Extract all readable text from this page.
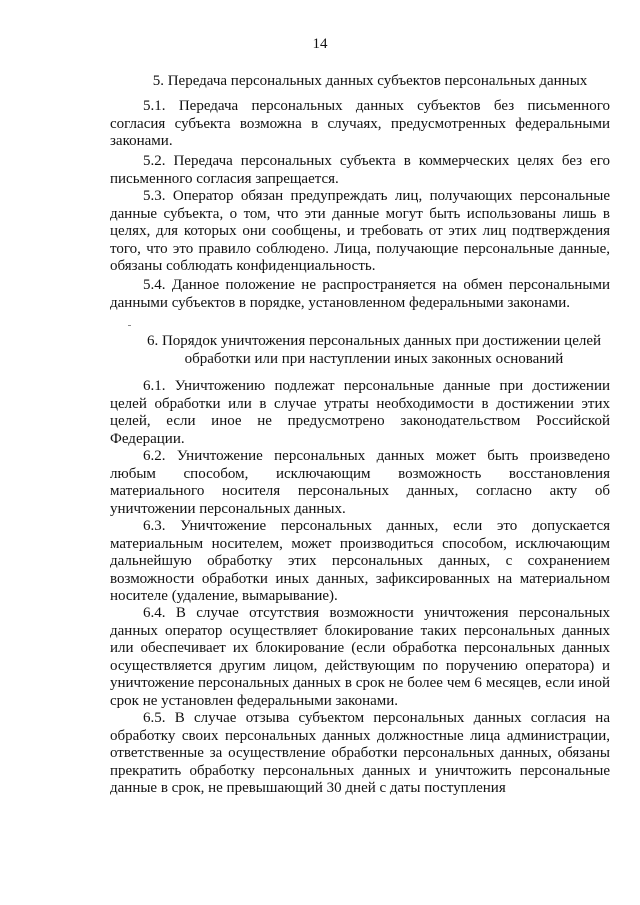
14
5. Передача персональных данных субъектов персональных данных

5.1. Передача персональных данных субъектов без письменного согласия субъекта возможна в случаях, предусмотренных федеральными законами.

5.2. Передача персональных субъекта в коммерческих целях без его письменного согласия запрещается.

5.3. Оператор обязан предупреждать лиц, получающих персональные данные субъекта, о том, что эти данные могут быть использованы лишь в целях, для которых они сообщены, и требовать от этих лиц подтверждения того, что это правило соблюдено. Лица, получающие персональные данные, обязаны соблюдать конфиденциальность.

5.4. Данное положение не распространяется на обмен персональными данными субъектов в порядке, установленном федеральными законами.

6. Порядок уничтожения персональных данных при достижении целей обработки или при наступлении иных законных оснований

6.1. Уничтожению подлежат персональные данные при достижении целей обработки или в случае утраты необходимости в достижении этих целей, если иное не предусмотрено законодательством Российской Федерации.

6.2. Уничтожение персональных данных может быть произведено любым способом, исключающим возможность восстановления материального носителя персональных данных, согласно акту об уничтожении персональных данных.

6.3. Уничтожение персональных данных, если это допускается материальным носителем, может производиться способом, исключающим дальнейшую обработку этих персональных данных, с сохранением возможности обработки иных данных, зафиксированных на материальном носителе (удаление, вымарывание).

6.4. В случае отсутствия возможности уничтожения персональных данных оператор осуществляет блокирование таких персональных данных или обеспечивает их блокирование (если обработка персональных данных осуществляется другим лицом, действующим по поручению оператора) и уничтожение персональных данных в срок не более чем 6 месяцев, если иной срок не установлен федеральными законами.

6.5. В случае отзыва субъектом персональных данных согласия на обработку своих персональных данных должностные лица администрации, ответственные за осуществление обработки персональных данных, обязаны прекратить обработку персональных данных и уничтожить персональные данные в срок, не превышающий 30 дней с даты поступления
